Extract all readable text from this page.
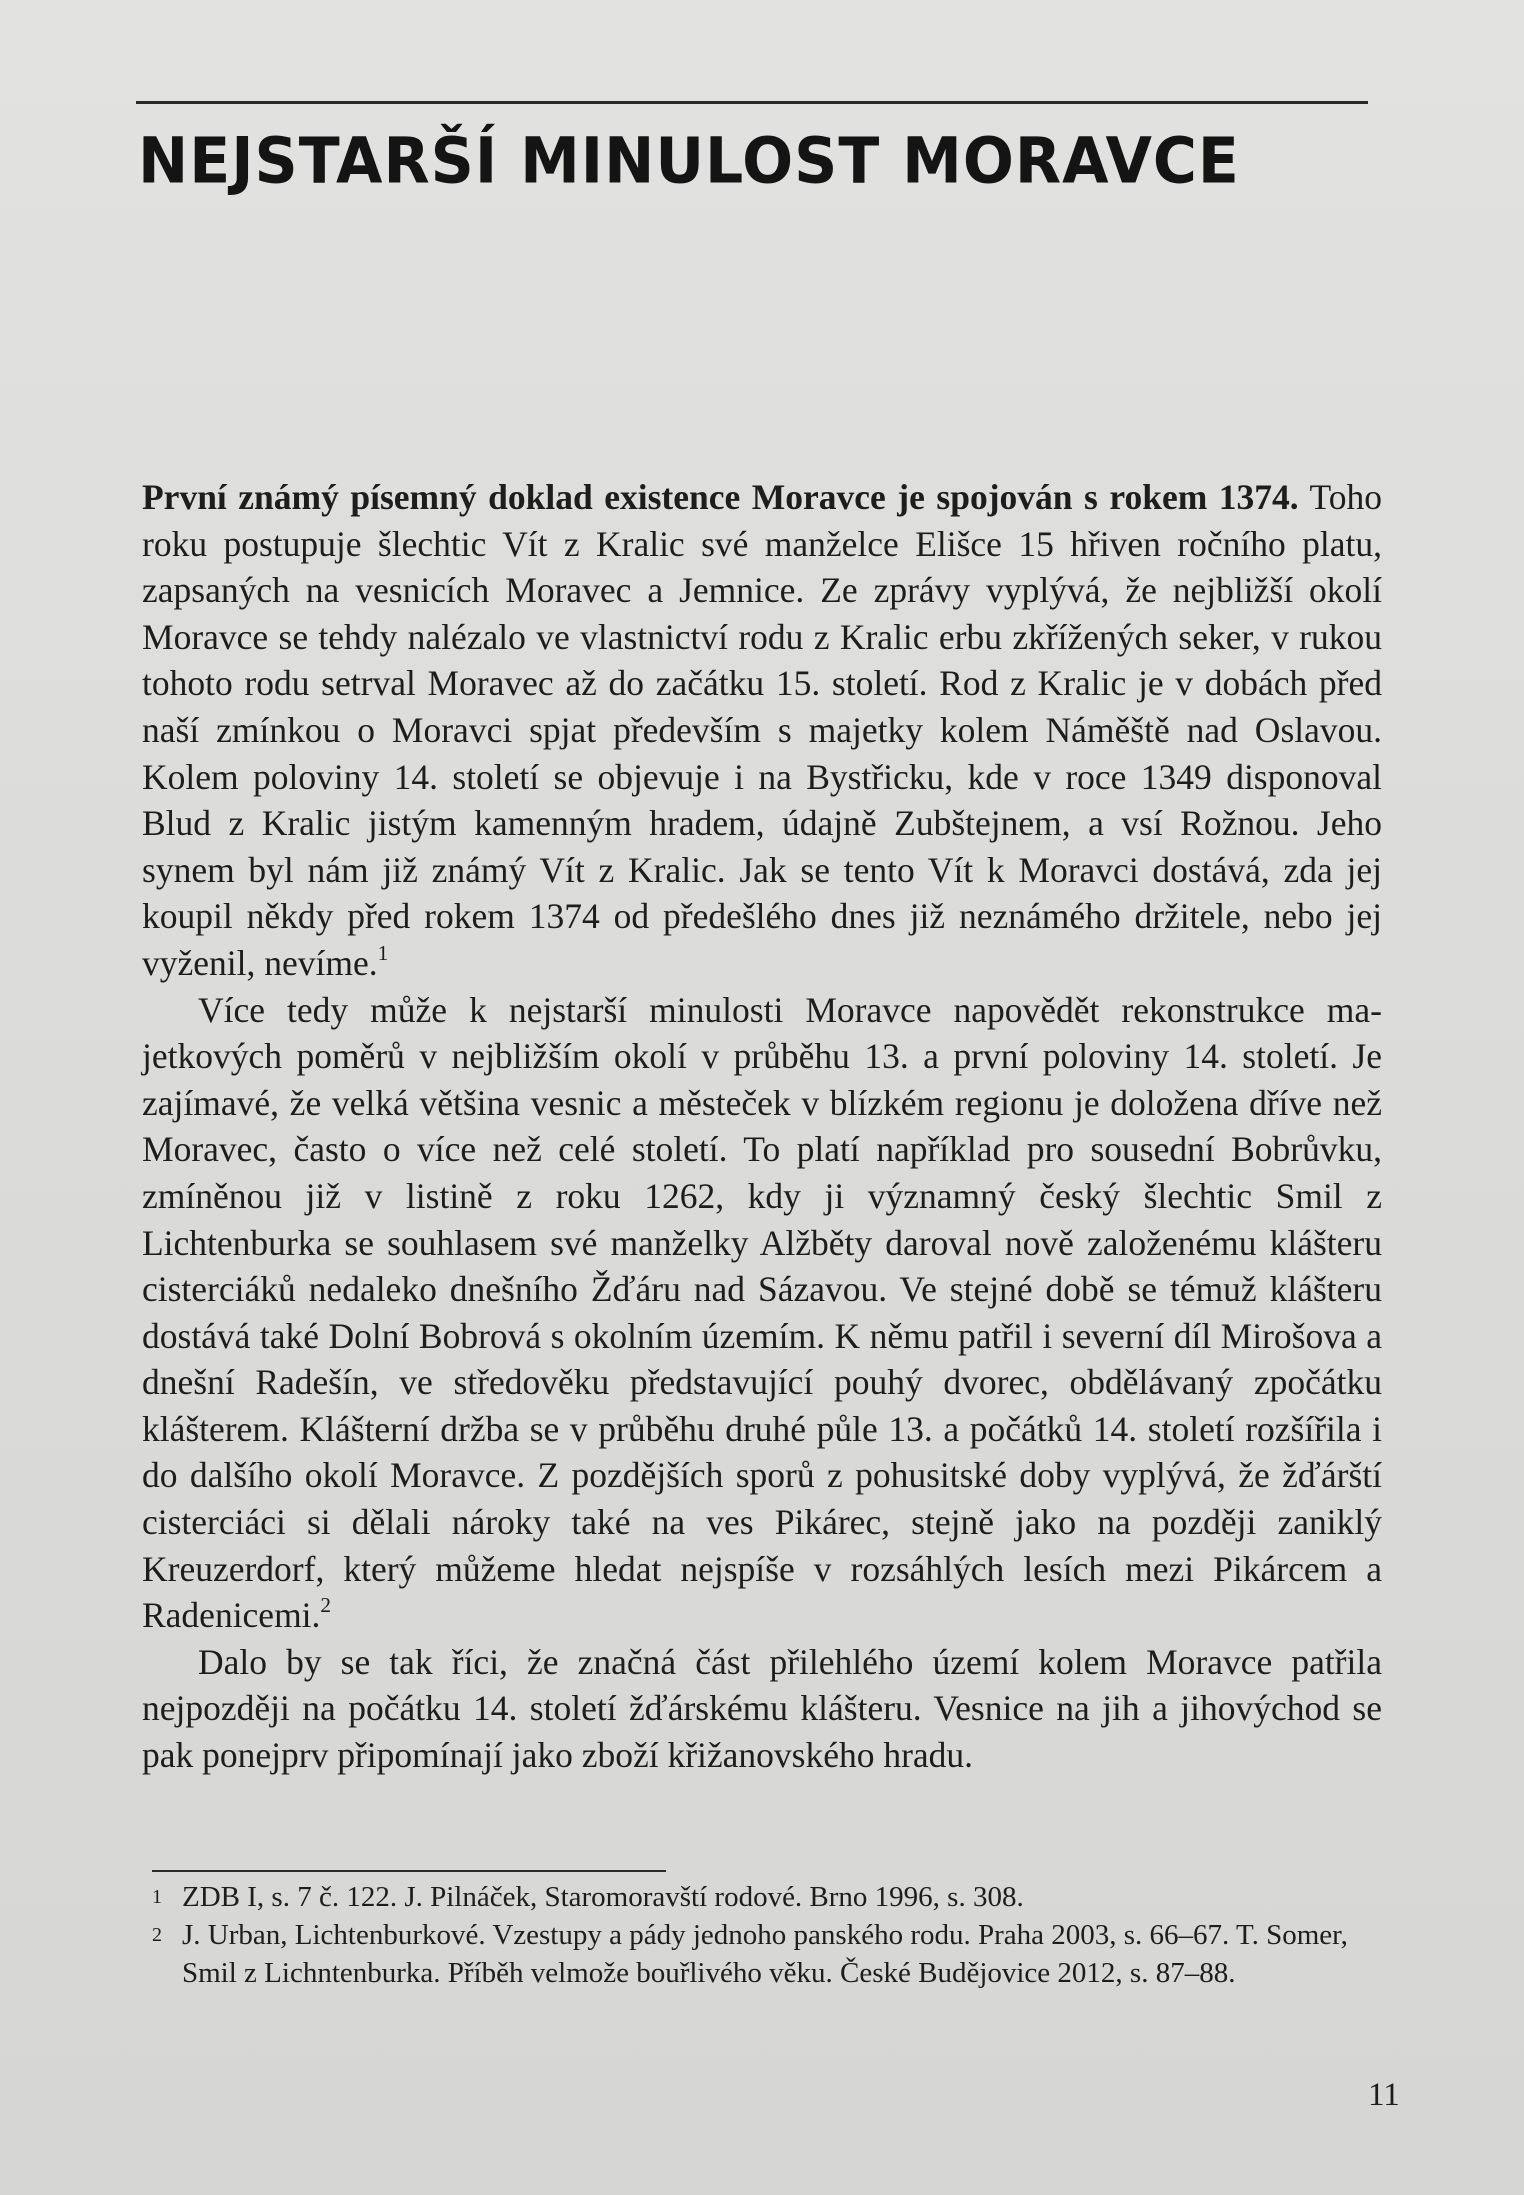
NEJSTARŠÍ MINULOST MORAVCE

První známý písemný doklad existence Moravce je spojován s rokem 1374. Toho roku postupuje šlechtic Vít z Kralic své manželce Elišce 15 hřiven ročního platu, zapsaných na vesnicích Moravec a Jemnice. Ze zprávy vyplývá, že nejbližší okolí Moravce se tehdy nalézalo ve vlastnictví rodu z Kralic erbu zkřížených seker, v rukou tohoto rodu setrval Moravec až do začátku 15. století. Rod z Kralic je v dobách před naší zmínkou o Moravci spjat především s majetky kolem Náměště nad Oslavou. Kolem poloviny 14. století se objevuje i na Bystřicku, kde v roce 1349 disponoval Blud z Kralic jistým kamenným hradem, údajně Zubštejnem, a vsí Rožnou. Jeho synem byl nám již známý Vít z Kralic. Jak se tento Vít k Moravci dostává, zda jej koupil někdy před rokem 1374 od předešlého dnes již neznámého držitele, nebo jej vyženil, nevíme.$^1$

Více tedy může k nejstarší minulosti Moravce napovědět rekonstrukce majetkových poměrů v nejbližším okolí v průběhu 13. a první poloviny 14. století. Je zajímavé, že velká většina vesnic a městeček v blízkém regionu je doložena dříve než Moravec, často o více než celé století. To platí například pro sousední Bobrůvku, zmíněnou již v listině z roku 1262, kdy ji významný český šlechtic Smil z Lichtenburka se souhlasem své manželky Alžběty daroval nově založenému klášteru cisterciáků nedaleko dnešního Žďáru nad Sázavou. Ve stejné době se témuž klášteru dostává také Dolní Bobrová s okolním územím. K němu patřil i severní díl Mirošova a dnešní Radešín, ve středověku představující pouhý dvorec, obdělávaný zpočátku klášterem. Klášterní držba se v průběhu druhé půle 13. a počátků 14. století rozšířila i do dalšího okolí Moravce. Z pozdějších sporů z pohusitské doby vyplývá, že žďárští cisterciáci si dělali nároky také na ves Pikárec, stejně jako na později zaniklý Kreuzerdorf, který můžeme hledat nejspíše v rozsáhlých lesích mezi Pikárcem a Radenicemi.$^2$

Dalo by se tak říci, že značná část přilehlého území kolem Moravce patřila nejpozději na počátku 14. století žďárskému klášteru. Vesnice na jih a jihovýchod se pak ponejprv připomínají jako zboží křižanovského hradu.

1 ZDB I, s. 7 č. 122. J. Pilnáček, Staromoravští rodové. Brno 1996, s. 308.
2 J. Urban, Lichtenburkové. Vzestupy a pády jednoho panského rodu. Praha 2003, s. 66–67. T. Somer, Smil z Lichntenburka. Příběh velmože bouřlivého věku. České Budějovice 2012, s. 87–88.
11
